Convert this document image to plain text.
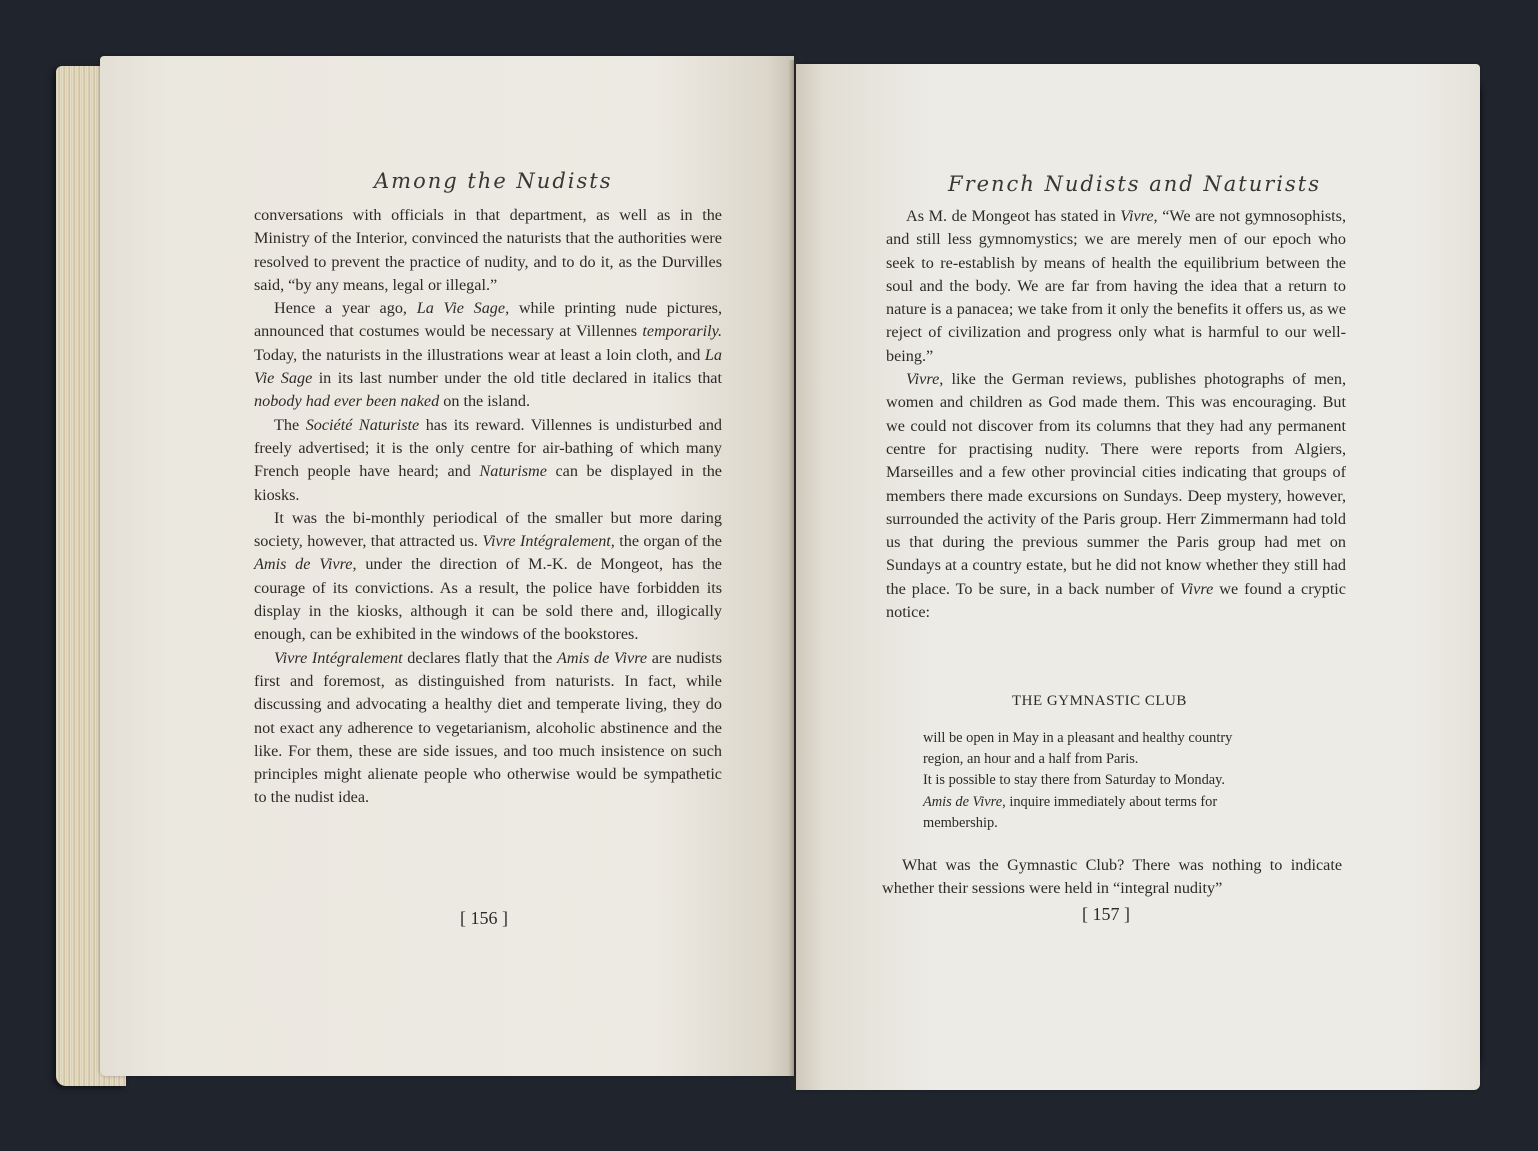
Among the Nudists

conversations with officials in that department, as well as in the Ministry of the Interior, convinced the naturists that the authorities were resolved to prevent the practice of nudity, and to do it, as the Durvilles said, “by any means, legal or illegal.”

Hence a year ago, La Vie Sage, while printing nude pictures, announced that costumes would be necessary at Villennes temporarily. Today, the naturists in the illustrations wear at least a loin cloth, and La Vie Sage in its last number under the old title declared in italics that nobody had ever been naked on the island.

The Société Naturiste has its reward. Villennes is undisturbed and freely advertised; it is the only centre for air-bathing of which many French people have heard; and Naturisme can be displayed in the kiosks.

It was the bi-monthly periodical of the smaller but more daring society, however, that attracted us. Vivre Intégralement, the organ of the Amis de Vivre, under the direction of M.-K. de Mongeot, has the courage of its convictions. As a result, the police have forbidden its display in the kiosks, although it can be sold there and, illogically enough, can be exhibited in the windows of the bookstores.

Vivre Intégralement declares flatly that the Amis de Vivre are nudists first and foremost, as distinguished from naturists. In fact, while discussing and advocating a healthy diet and temperate living, they do not exact any adherence to vegetarianism, alcoholic abstinence and the like. For them, these are side issues, and too much insistence on such principles might alienate people who otherwise would be sympathetic to the nudist idea.

[ 156 ]
French Nudists and Naturists

As M. de Mongeot has stated in Vivre, “We are not gymnosophists, and still less gymnomystics; we are merely men of our epoch who seek to re-establish by means of health the equilibrium between the soul and the body. We are far from having the idea that a return to nature is a panacea; we take from it only the benefits it offers us, as we reject of civilization and progress only what is harmful to our well-being.”

Vivre, like the German reviews, publishes photographs of men, women and children as God made them. This was encouraging. But we could not discover from its columns that they had any permanent centre for practising nudity. There were reports from Algiers, Marseilles and a few other provincial cities indicating that groups of members there made excursions on Sundays. Deep mystery, however, surrounded the activity of the Paris group. Herr Zimmermann had told us that during the previous summer the Paris group had met on Sundays at a country estate, but he did not know whether they still had the place. To be sure, in a back number of Vivre we found a cryptic notice:

THE GYMNASTIC CLUB
will be open in May in a pleasant and healthy country
region, an hour and a half from Paris.
It is possible to stay there from Saturday to Monday.
Amis de Vivre, inquire immediately about terms for
membership.

What was the Gymnastic Club? There was nothing to indicate whether their sessions were held in “integral nudity”

[ 157 ]
